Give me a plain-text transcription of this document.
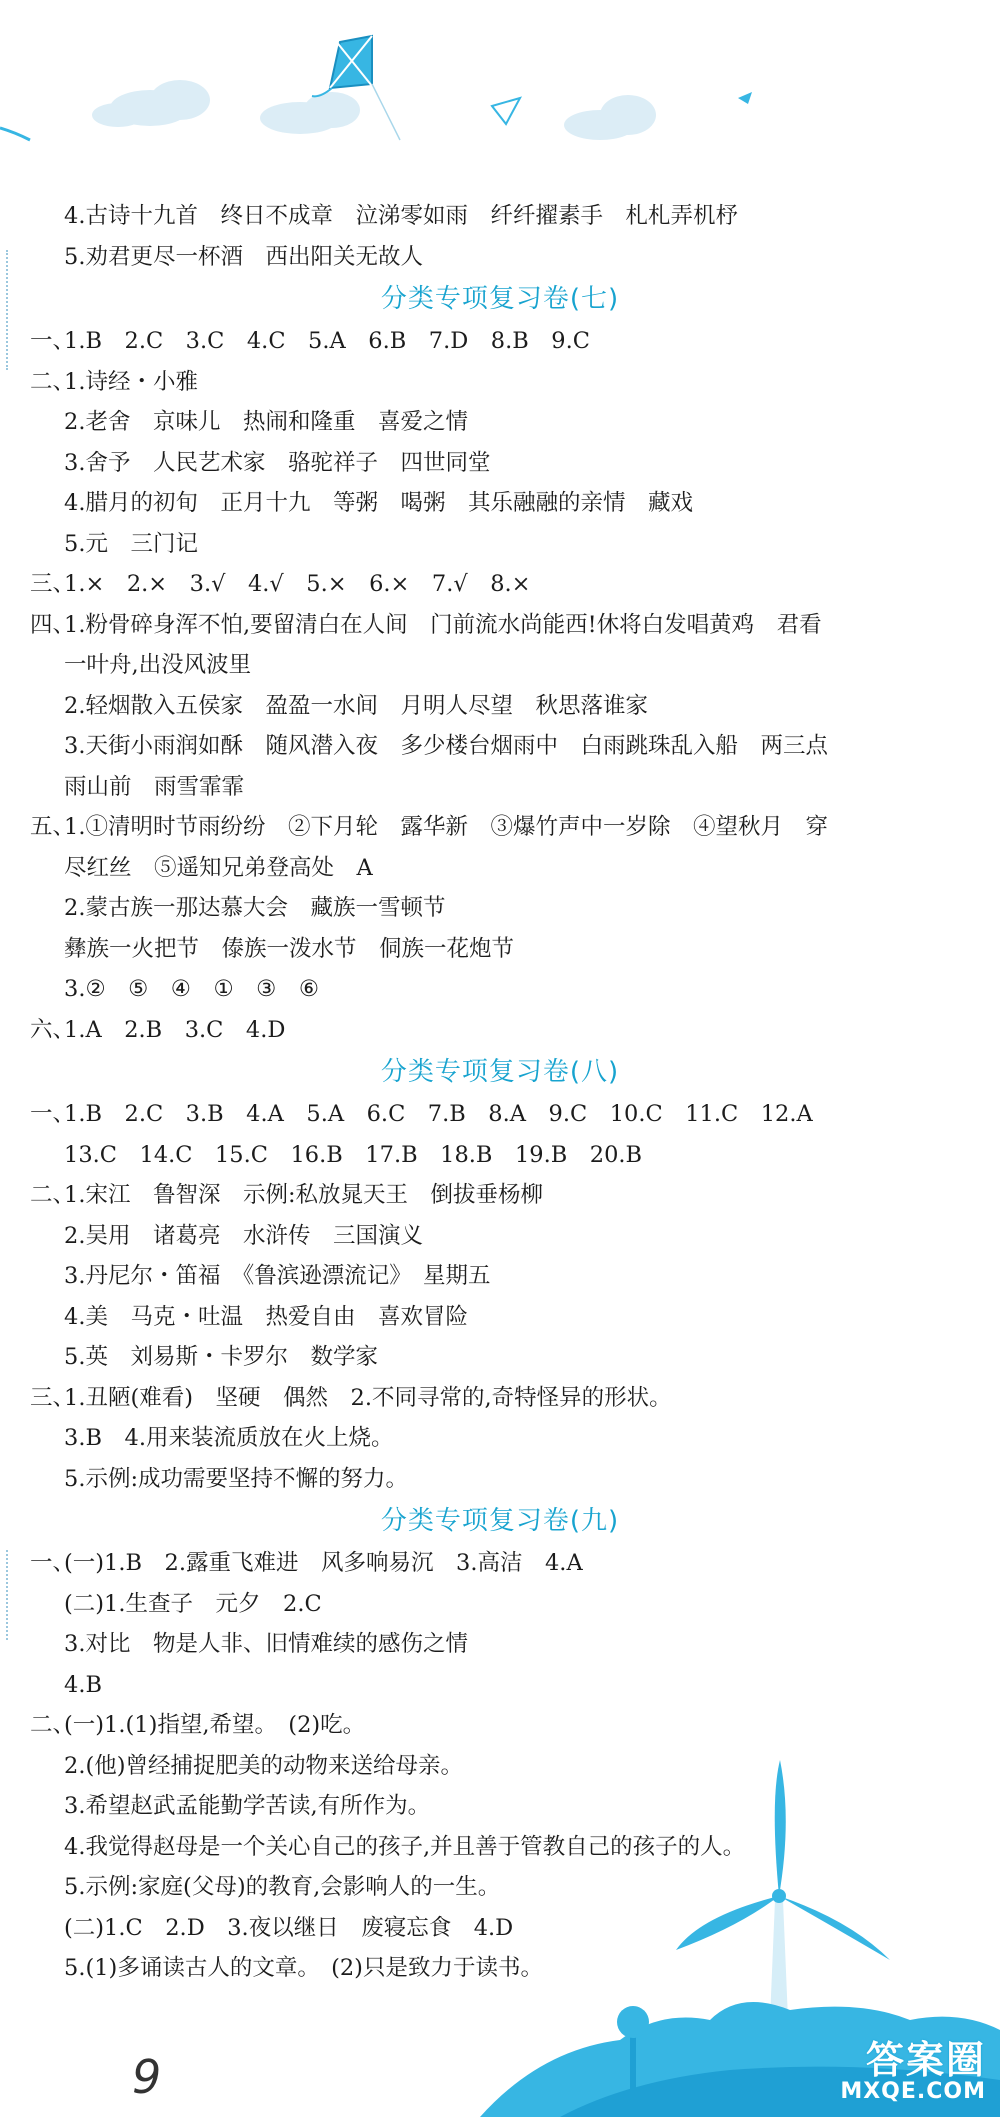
4.古诗十九首　终日不成章　泣涕零如雨　纤纤擢素手　札札弄机杼
5.劝君更尽一杯酒　西出阳关无故人
分类专项复习卷(七)
一、
1.B　2.C　3.C　4.C　5.A　6.B　7.D　8.B　9.C
二、
1.诗经・小雅
2.老舍　京味儿　热闹和隆重　喜爱之情
3.舍予　人民艺术家　骆驼祥子　四世同堂
4.腊月的初旬　正月十九　等粥　喝粥　其乐融融的亲情　藏戏
5.元　三门记
三、
1.×　2.×　3.√　4.√　5.×　6.×　7.√　8.×
四、
1.粉骨碎身浑不怕,要留清白在人间　门前流水尚能西!休将白发唱黄鸡　君看
一叶舟,出没风波里
2.轻烟散入五侯家　盈盈一水间　月明人尽望　秋思落谁家
3.天街小雨润如酥　随风潜入夜　多少楼台烟雨中　白雨跳珠乱入船　两三点
雨山前　雨雪霏霏
五、
1.①清明时节雨纷纷　②下月轮　露华新　③爆竹声中一岁除　④望秋月　穿
尽红丝　⑤遥知兄弟登高处　A
2.蒙古族一那达慕大会　藏族一雪顿节
彝族一火把节　傣族一泼水节　侗族一花炮节
3.②　⑤　④　①　③　⑥
六、
1.A　2.B　3.C　4.D
分类专项复习卷(八)
一、
1.B　2.C　3.B　4.A　5.A　6.C　7.B　8.A　9.C　10.C　11.C　12.A
13.C　14.C　15.C　16.B　17.B　18.B　19.B　20.B
二、
1.宋江　鲁智深　示例:私放晁天王　倒拔垂杨柳
2.吴用　诸葛亮　水浒传　三国演义
3.丹尼尔・笛福　《鲁滨逊漂流记》　星期五
4.美　马克・吐温　热爱自由　喜欢冒险
5.英　刘易斯・卡罗尔　数学家
三、
1.丑陋(难看)　坚硬　偶然　2.不同寻常的,奇特怪异的形状。
3.B　4.用来装流质放在火上烧。
5.示例:成功需要坚持不懈的努力。
分类专项复习卷(九)
一、
(一)1.B　2.露重飞难进　风多响易沉　3.高洁　4.A
(二)1.生查子　元夕　2.C
3.对比　物是人非、旧情难续的感伤之情
4.B
二、
(一)1.(1)指望,希望。　(2)吃。
2.(他)曾经捕捉肥美的动物来送给母亲。
3.希望赵武孟能勤学苦读,有所作为。
4.我觉得赵母是一个关心自己的孩子,并且善于管教自己的孩子的人。
5.示例:家庭(父母)的教育,会影响人的一生。
(二)1.C　2.D　3.夜以继日　废寝忘食　4.D
5.(1)多诵读古人的文章。　(2)只是致力于读书。
9	答案圈
MXQE.COM
